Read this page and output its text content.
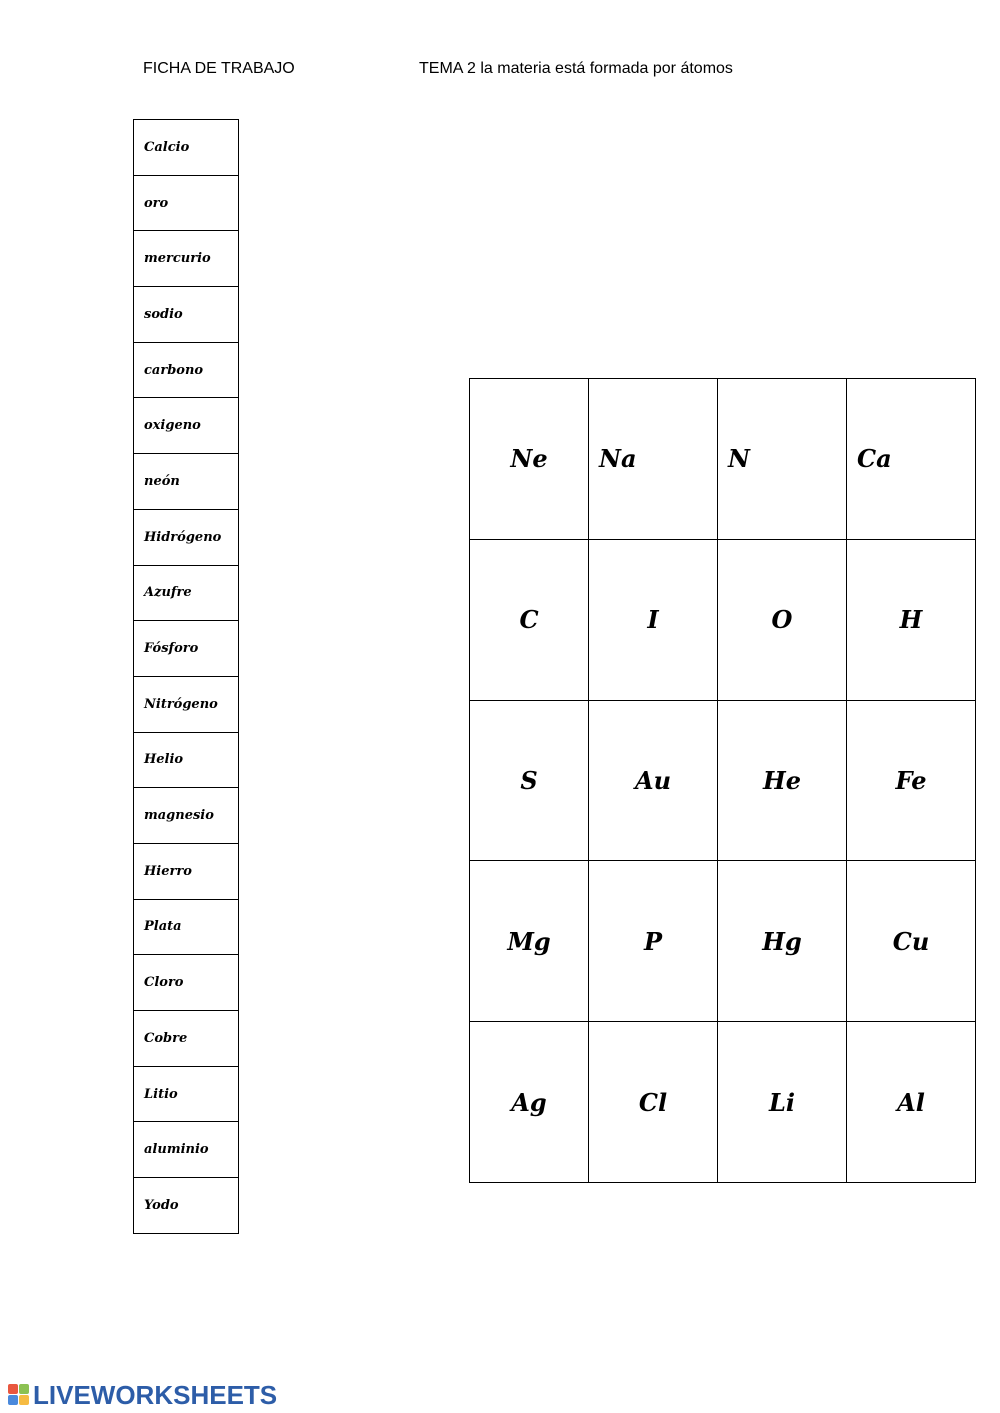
FICHA DE TRABAJO	TEMA 2 la materia está formada por átomos
Calcio
oro
mercurio
sodio
carbono
oxigeno
neón
Hidrógeno
Azufre
Fósforo
Nitrógeno
Helio
magnesio
Hierro
Plata
Cloro
Cobre
Litio
aluminio
Yodo
Ne	Na	N	Ca
C	I	O	H
S	Au	He	Fe
Mg	P	Hg	Cu
Ag	Cl	Li	Al
LIVEWORKSHEETS
